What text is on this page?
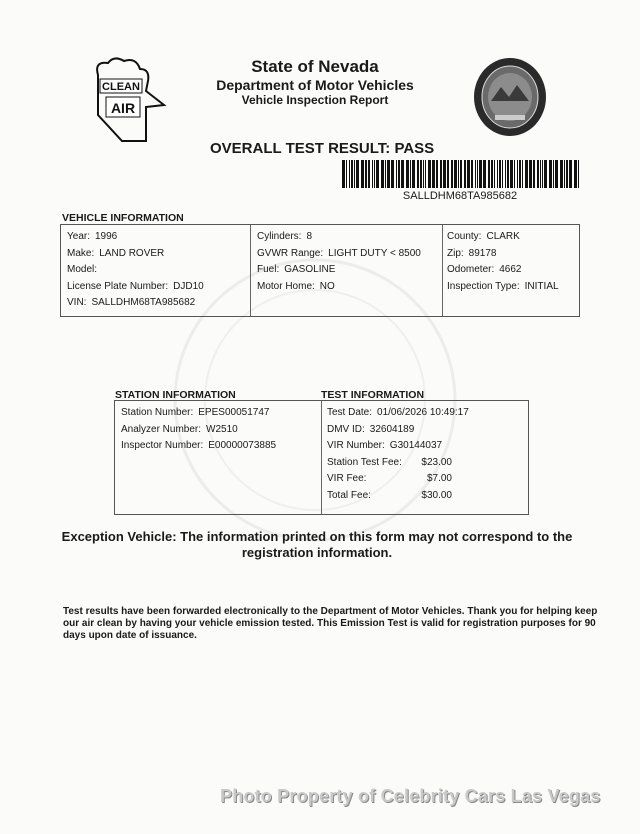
CLEAN
AIR
State of Nevada
Department of Motor Vehicles
Vehicle Inspection Report
OVERALL TEST RESULT: PASS
SALLDHM68TA985682
VEHICLE INFORMATION
Year: 1996
Make: LAND ROVER
Model:
License Plate Number: DJD10
VIN: SALLDHM68TA985682
Cylinders: 8
GVWR Range: LIGHT DUTY < 8500
Fuel: GASOLINE
Motor Home: NO
County: CLARK
Zip: 89178
Odometer: 4662
Inspection Type: INITIAL
STATION INFORMATION	TEST INFORMATION
Station Number: EPES00051747
Analyzer Number: W2510
Inspector Number: E00000073885
Test Date: 01/06/2026 10:49:17
DMV ID: 32604189
VIR Number: G30144037
Station Test Fee: $23.00
VIR Fee:	$7.00
Total Fee:	$30.00
Exception Vehicle: The information printed on this form may not correspond to the
registration information.
Test results have been forwarded electronically to the Department of Motor Vehicles. Thank you for helping keep our air clean by having your vehicle emission tested. This Emission Test is valid for registration purposes for 90 days upon date of issuance.
Photo Property of Celebrity Cars Las Vegas
